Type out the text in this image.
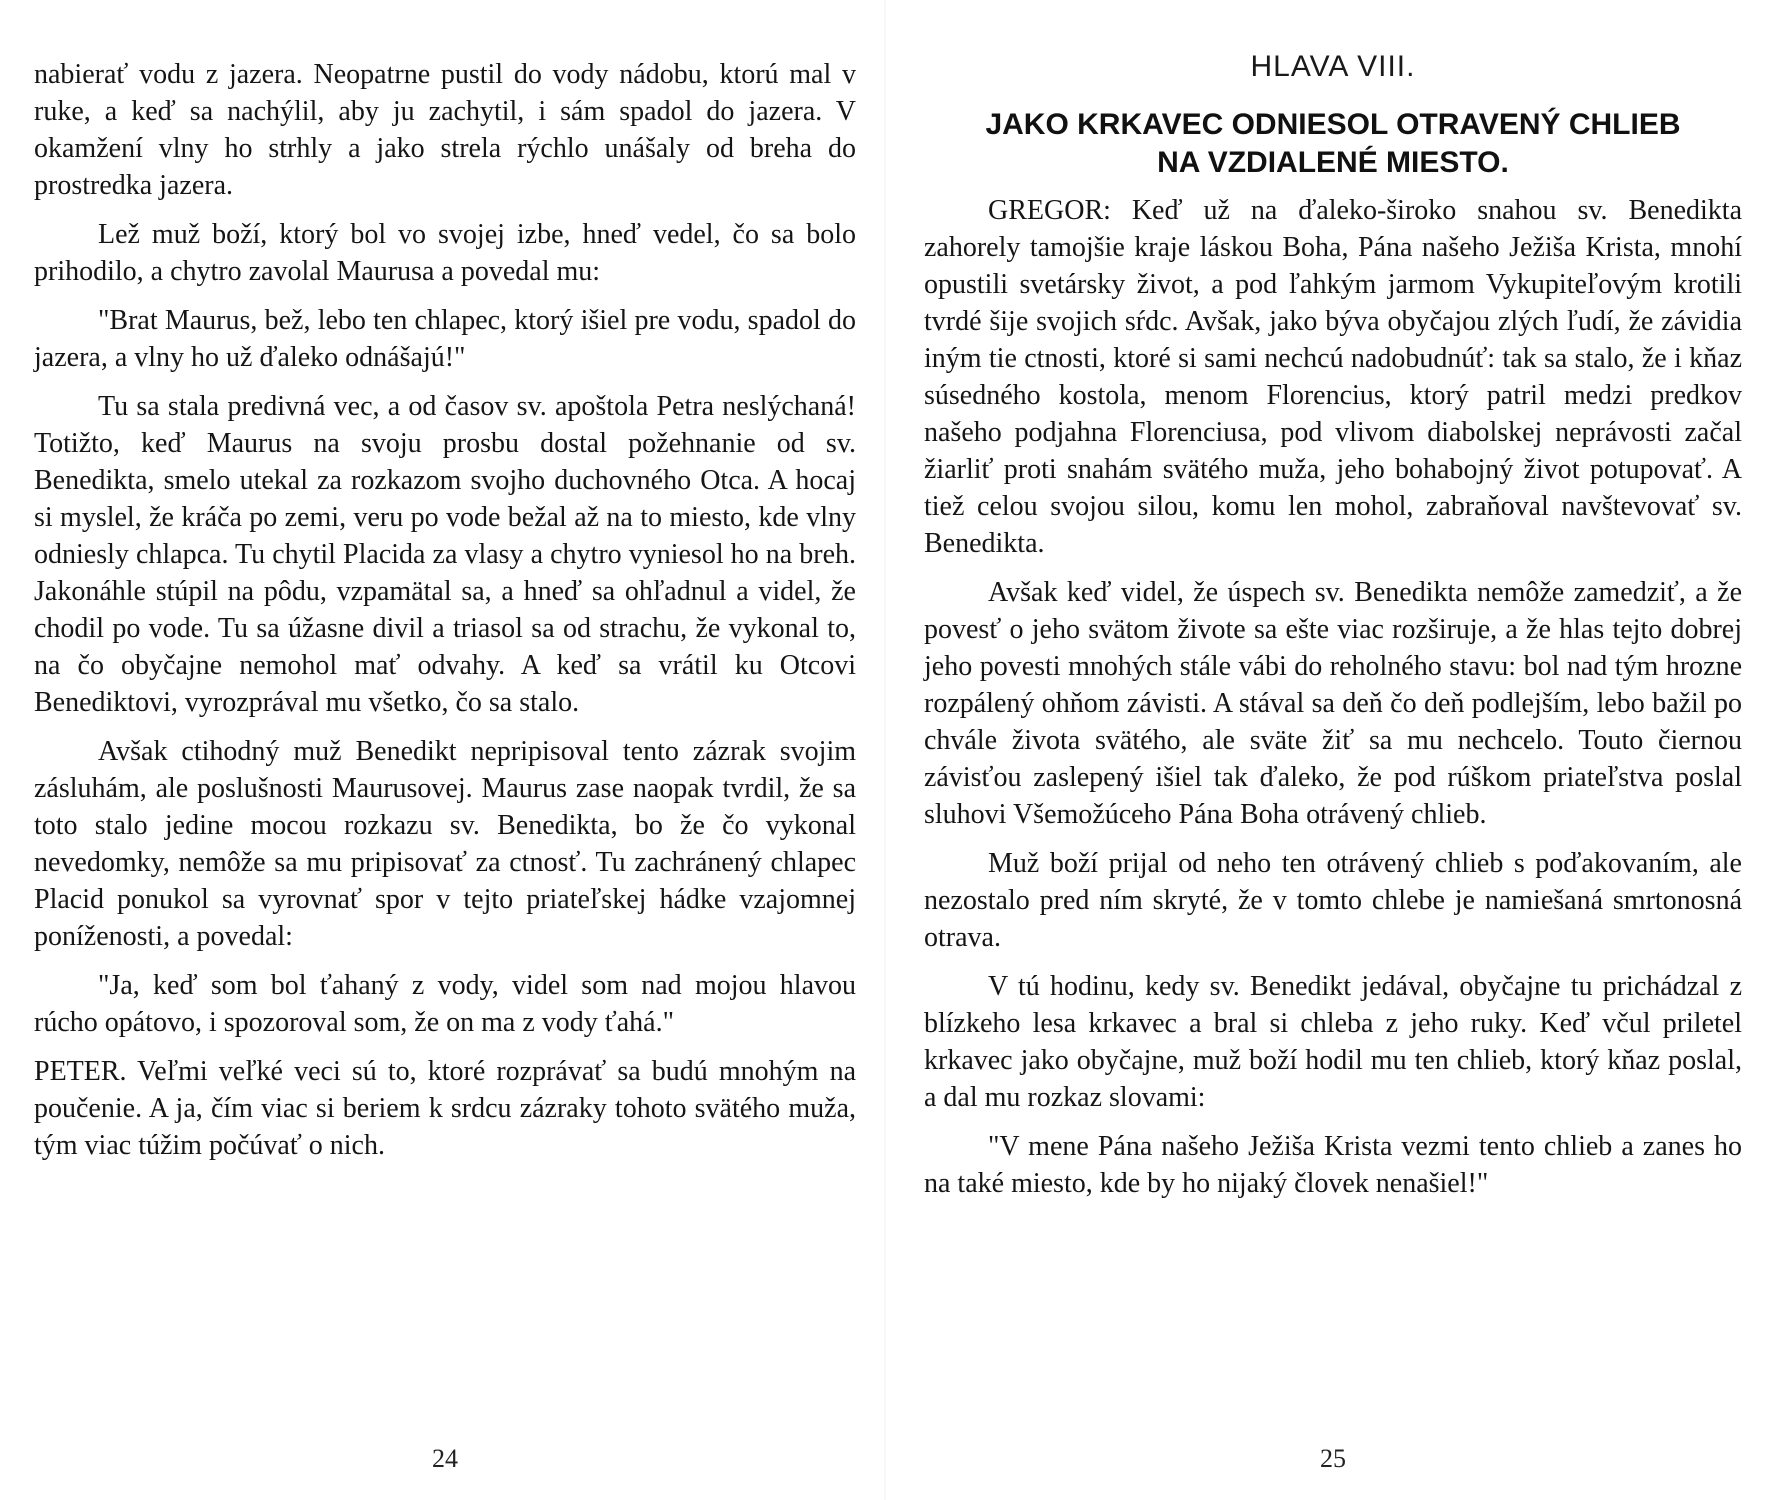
nabierať vodu z jazera. Neopatrne pustil do vody nádobu, ktorú mal v ruke, a keď sa nachýlil, aby ju zachytil, i sám spadol do jazera. V okamžení vlny ho strhly a jako strela rýchlo unášaly od breha do prostredka jazera.

Lež muž boží, ktorý bol vo svojej izbe, hneď vedel, čo sa bolo prihodilo, a chytro zavolal Maurusa a povedal mu:

"Brat Maurus, bež, lebo ten chlapec, ktorý išiel pre vodu, spadol do jazera, a vlny ho už ďaleko odnášajú!"

Tu sa stala predivná vec, a od časov sv. apoštola Petra neslýchaná! Totižto, keď Maurus na svoju prosbu dostal požehnanie od sv. Benedikta, smelo utekal za rozkazom svojho duchovného Otca. A hocaj si myslel, že kráča po zemi, veru po vode bežal až na to miesto, kde vlny odniesly chlapca. Tu chytil Placida za vlasy a chytro vyniesol ho na breh. Jakonáhle stúpil na pôdu, vzpamätal sa, a hneď sa ohľadnul a videl, že chodil po vode. Tu sa úžasne divil a triasol sa od strachu, že vykonal to, na čo obyčajne nemohol mať odvahy. A keď sa vrátil ku Otcovi Benediktovi, vyrozprával mu všetko, čo sa stalo.

Avšak ctihodný muž Benedikt nepripisoval tento zázrak svojim zásluhám, ale poslušnosti Maurusovej. Maurus zase naopak tvrdil, že sa toto stalo jedine mocou rozkazu sv. Benedikta, bo že čo vykonal nevedomky, nemôže sa mu pripisovať za ctnosť. Tu zachránený chlapec Placid ponukol sa vyrovnať spor v tejto priateľskej hádke vzajomnej poníženosti, a povedal:

"Ja, keď som bol ťahaný z vody, videl som nad mojou hlavou rúcho opátovo, i spozoroval som, že on ma z vody ťahá."

PETER. Veľmi veľké veci sú to, ktoré rozprávať sa budú mnohým na poučenie. A ja, čím viac si beriem k srdcu zázraky tohoto svätého muža, tým viac túžim počúvať o nich.

24
HLAVA VIII.
JAKO KRKAVEC ODNIESOL OTRAVENÝ CHLIEB
NA VZDIALENÉ MIESTO.

GREGOR: Keď už na ďaleko-široko snahou sv. Benedikta zahorely tamojšie kraje láskou Boha, Pána našeho Ježiša Krista, mnohí opustili svetársky život, a pod ľahkým jarmom Vykupiteľovým krotili tvrdé šije svojich sŕdc. Avšak, jako býva obyčajou zlých ľudí, že závidia iným tie ctnosti, ktoré si sami nechcú nadobudnúť: tak sa stalo, že i kňaz súsedného kostola, menom Florencius, ktorý patril medzi predkov našeho podjahna Florenciusa, pod vlivom diabolskej neprávosti začal žiarliť proti snahám svätého muža, jeho bohabojný život potupovať. A tiež celou svojou silou, komu len mohol, zabraňoval navštevovať sv. Benedikta.

Avšak keď videl, že úspech sv. Benedikta nemôže zamedziť, a že povesť o jeho svätom živote sa ešte viac rozširuje, a že hlas tejto dobrej jeho povesti mnohých stále vábi do reholného stavu: bol nad tým hrozne rozpálený ohňom závisti. A stával sa deň čo deň podlejším, lebo bažil po chvále života svätého, ale sväte žiť sa mu nechcelo. Touto čiernou závisťou zaslepený išiel tak ďaleko, že pod rúškom priateľstva poslal sluhovi Všemožúceho Pána Boha otrávený chlieb.

Muž boží prijal od neho ten otrávený chlieb s poďakovaním, ale nezostalo pred ním skryté, že v tomto chlebe je namiešaná smrtonosná otrava.

V tú hodinu, kedy sv. Benedikt jedával, obyčajne tu prichádzal z blízkeho lesa krkavec a bral si chleba z jeho ruky. Keď včul priletel krkavec jako obyčajne, muž boží hodil mu ten chlieb, ktorý kňaz poslal, a dal mu rozkaz slovami:

"V mene Pána našeho Ježiša Krista vezmi tento chlieb a zanes ho na také miesto, kde by ho nijaký človek nenašiel!"

25
